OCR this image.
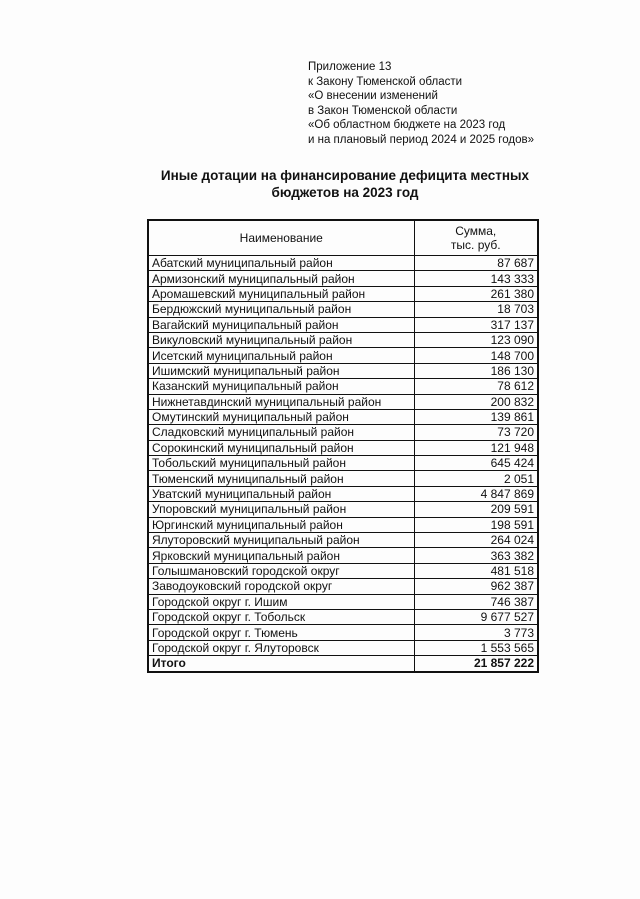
Приложение 13
к Закону Тюменской области
«О внесении изменений
в Закон Тюменской области
«Об областном бюджете на 2023 год
и на плановый период 2024 и 2025 годов»
Иные дотации на финансирование дефицита местных
бюджетов на 2023 год
Наименование	Сумма,
тыс. руб.

Абатский муниципальный район	87 687
Армизонский муниципальный район	143 333
Аромашевский муниципальный район	261 380
Бердюжский муниципальный район	18 703
Вагайский муниципальный район	317 137
Викуловский муниципальный район	123 090
Исетский муниципальный район	148 700
Ишимский муниципальный район	186 130
Казанский муниципальный район	78 612
Нижнетавдинский муниципальный район	200 832
Омутинский муниципальный район	139 861
Сладковский муниципальный район	73 720
Сорокинский муниципальный район	121 948
Тобольский муниципальный район	645 424
Тюменский муниципальный район	2 051
Уватский муниципальный район	4 847 869
Упоровский муниципальный район	209 591
Юргинский муниципальный район	198 591
Ялуторовский муниципальный район	264 024
Ярковский муниципальный район	363 382
Голышмановский городской округ	481 518
Заводоуковский городской округ	962 387
Городской округ г. Ишим	746 387
Городской округ г. Тобольск	9 677 527
Городской округ г. Тюмень	3 773
Городской округ г. Ялуторовск	1 553 565
Итого	21 857 222
